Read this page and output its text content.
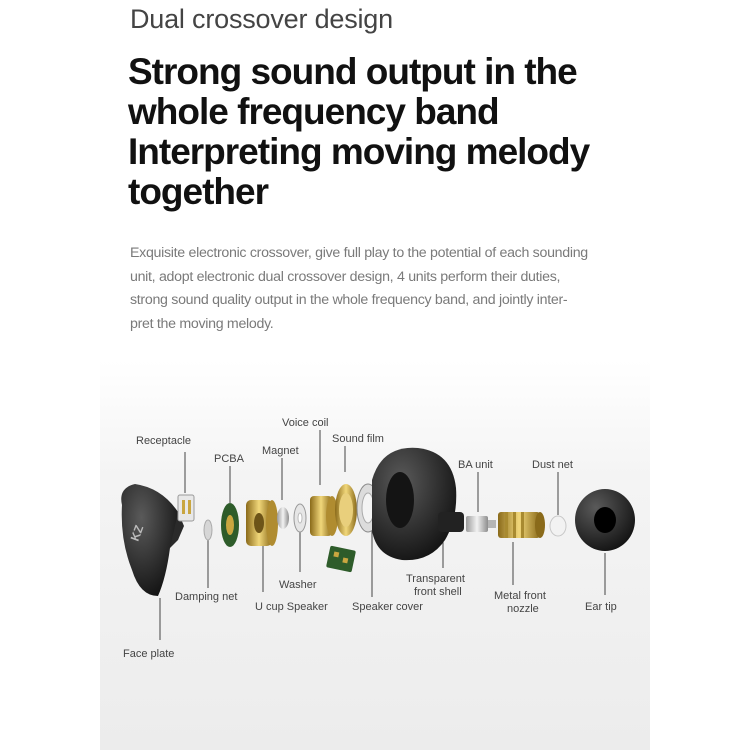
Dual crossover design
Strong sound output in the
whole frequency band
Interpreting moving melody
together
Exquisite electronic crossover, give full play to the potential of each sounding
unit, adopt electronic dual crossover design, 4 units perform their duties,
strong sound quality output in the whole frequency band, and jointly inter-
pret the moving melody.
KZ
Receptacle
PCBA
Magnet
Voice coil
Sound film
BA unit	Dust net
Damping net
Washer
U cup Speaker Speaker cover
Transparent
front shell	Metal front
nozzle	Ear tip
Face plate
